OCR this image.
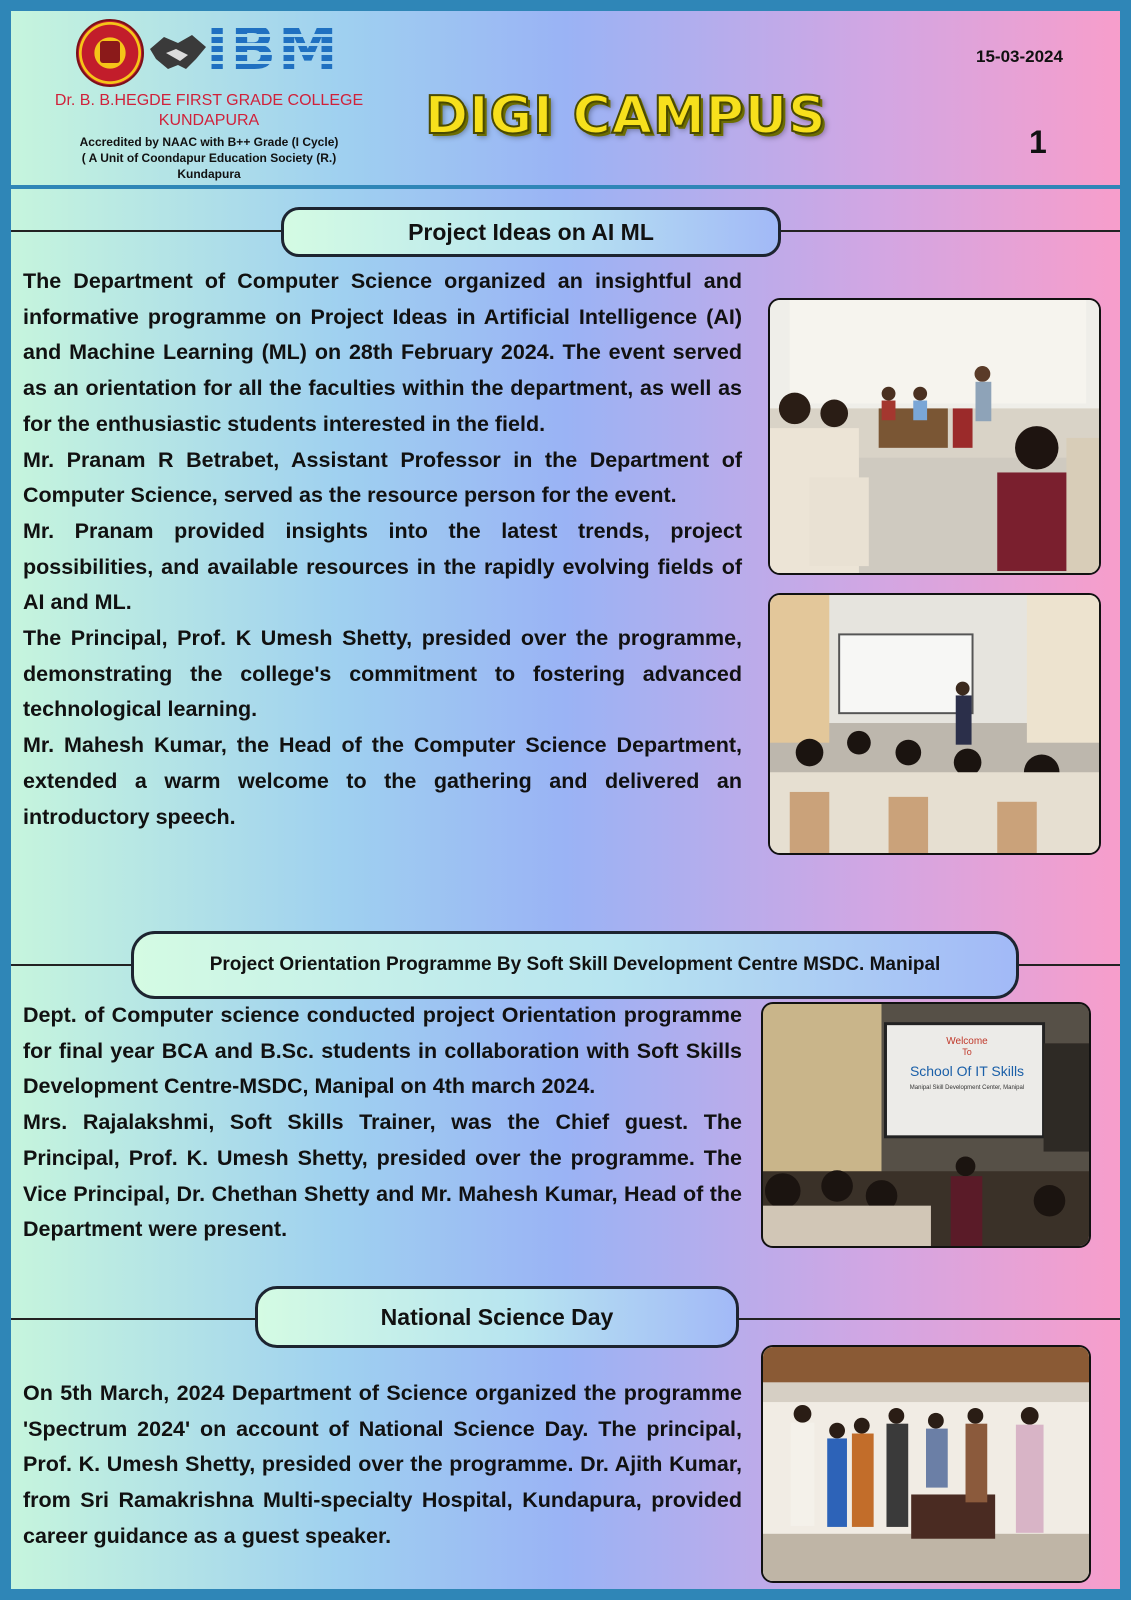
IBM
Dr. B. B.HEGDE FIRST GRADE COLLEGE
KUNDAPURA
Accredited by NAAC with B++ Grade (I Cycle)
( A Unit of Coondapur Education Society (R.)
Kundapura
DIGI CAMPUS
15-03-2024
1
Project Ideas on AI ML

The Department of Computer Science organized an insightful and informative programme on Project Ideas in Artificial Intelligence (AI) and Machine Learning (ML) on 28th February 2024. The event served as an orientation for all the faculties within the department, as well as for the enthusiastic students interested in the field.

Mr. Pranam R Betrabet, Assistant Professor in the Department of Computer Science, served as the resource person for the event.

Mr. Pranam provided insights into the latest trends, project possibilities, and available resources in the rapidly evolving fields of AI and ML.

The Principal, Prof. K Umesh Shetty, presided over the programme, demonstrating the college's commitment to fostering advanced technological learning.

Mr. Mahesh Kumar, the Head of the Computer Science Department, extended a warm welcome to the gathering and delivered an introductory speech.

Project Orientation Programme By Soft Skill Development Centre MSDC. Manipal

Dept. of Computer science conducted project Orientation programme for final year BCA and B.Sc. students in collaboration with Soft Skills Development Centre-MSDC, Manipal on 4th march 2024.

Mrs. Rajalakshmi, Soft Skills Trainer, was the Chief guest. The Principal, Prof. K. Umesh Shetty, presided over the programme. The Vice Principal, Dr. Chethan Shetty and Mr. Mahesh Kumar, Head of the Department were present.

Welcome
To
School Of IT Skills
Manipal Skill Development Center, Manipal
National Science Day

On 5th March, 2024 Department of Science organized the programme 'Spectrum 2024' on account of National Science Day. The principal, Prof. K. Umesh Shetty, presided over the programme. Dr. Ajith Kumar, from Sri Ramakrishna Multi-specialty Hospital, Kundapura, provided career guidance as a guest speaker.
